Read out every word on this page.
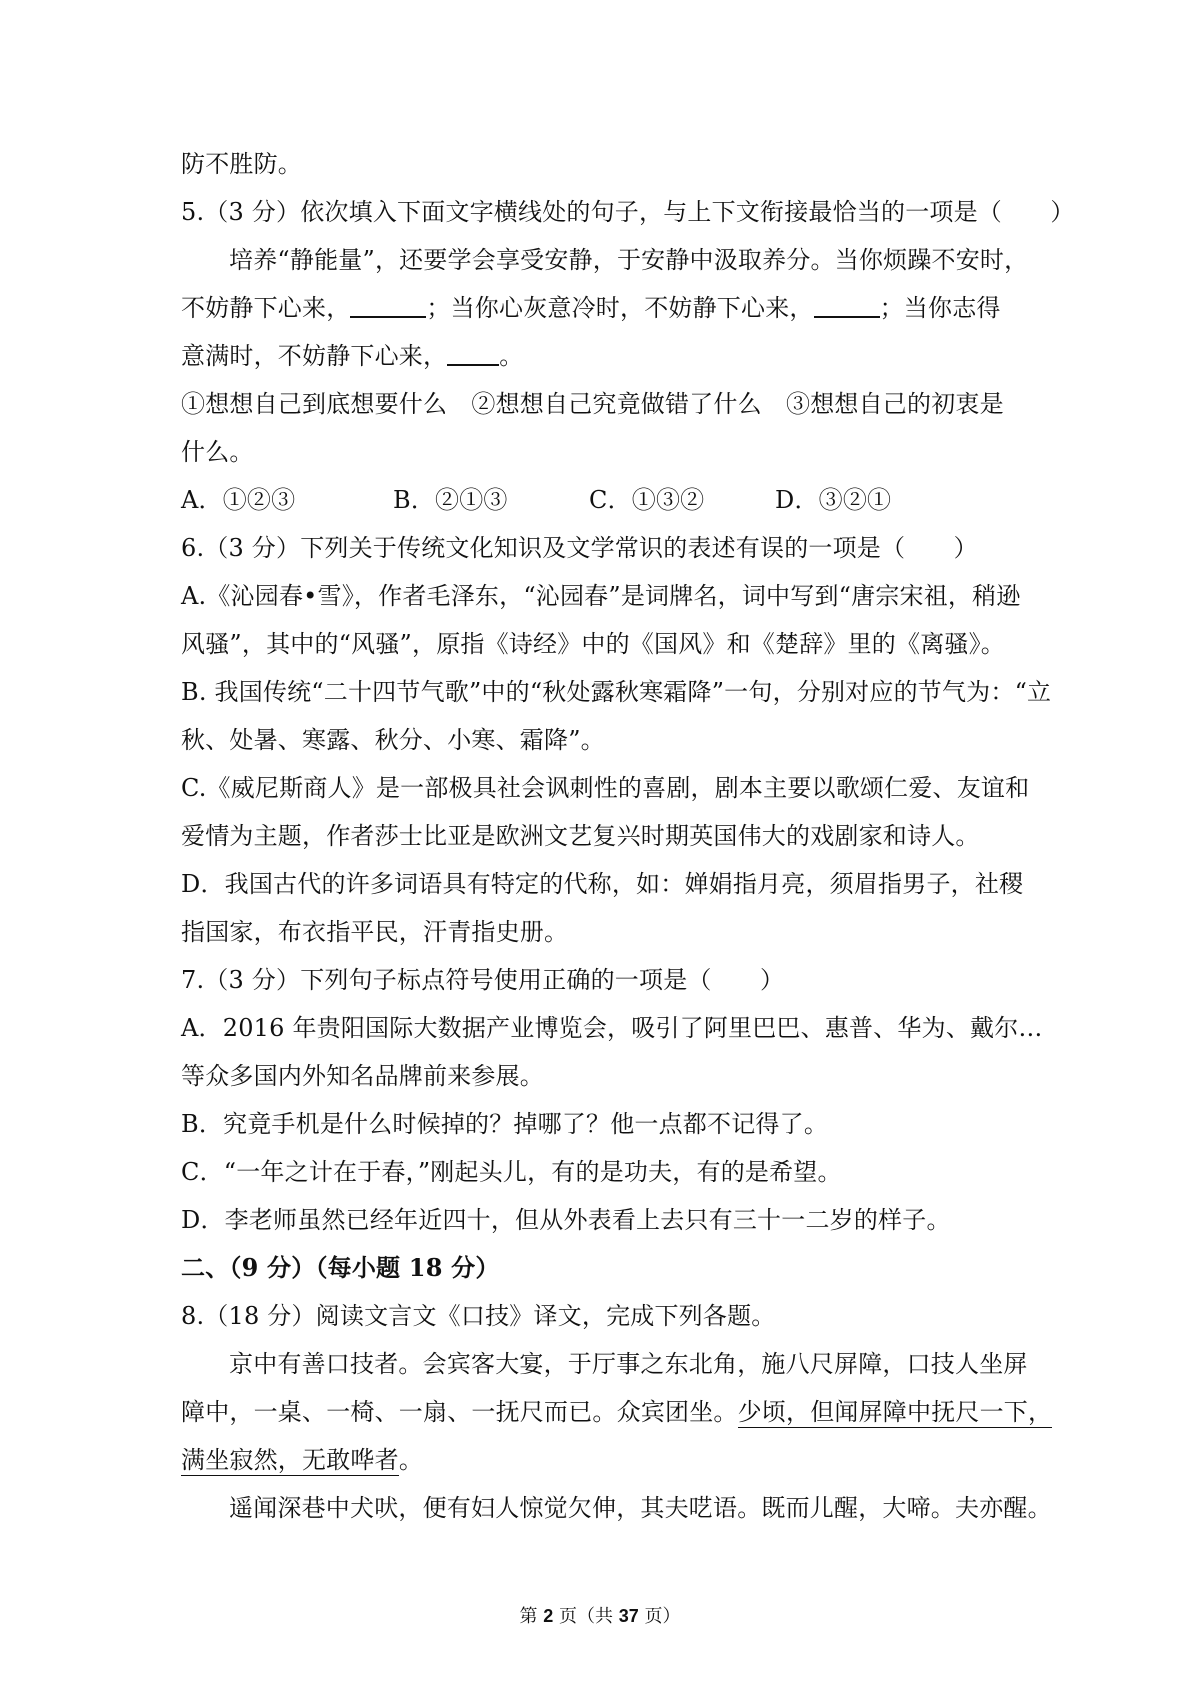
防不胜防。
5.（3 分）依次填入下面文字横线处的句子，与上下文衔接最恰当的一项是（　　）
培养“静能量”，还要学会享受安静，于安静中汲取养分。当你烦躁不安时，
不妨静下心来，	；当你心灰意冷时，不妨静下心来，	；当你志得
意满时，不妨静下心来， 。
①想想自己到底想要什么　②想想自己究竟做错了什么　③想想自己的初衷是
什么。
A．①②③	B．②①③	C．①③②	D．③②①
6.（3 分）下列关于传统文化知识及文学常识的表述有误的一项是（　　）
A.《沁园春•雪》，作者毛泽东，“沁园春”是词牌名，词中写到“唐宗宋祖，稍逊
风骚”，其中的“风骚”，原指《诗经》中的《国风》和《楚辞》里的《离骚》。
B. 我国传统“二十四节气歌”中的“秋处露秋寒霜降”一句，分别对应的节气为：“立
秋、处暑、寒露、秋分、小寒、霜降”。
C.《威尼斯商人》是一部极具社会讽刺性的喜剧，剧本主要以歌颂仁爱、友谊和
爱情为主题，作者莎士比亚是欧洲文艺复兴时期英国伟大的戏剧家和诗人。
D．我国古代的许多词语具有特定的代称，如：婵娟指月亮，须眉指男子，社稷
指国家，布衣指平民，汗青指史册。
7.（3 分）下列句子标点符号使用正确的一项是（　　）
A．2016 年贵阳国际大数据产业博览会，吸引了阿里巴巴、惠普、华为、戴尔…
等众多国内外知名品牌前来参展。
B．究竟手机是什么时候掉的？掉哪了？他一点都不记得了。
C．“一年之计在于春，”刚起头儿，有的是功夫，有的是希望。
D．李老师虽然已经年近四十，但从外表看上去只有三十一二岁的样子。
二、（9 分）（每小题 18 分）
8.（18 分）阅读文言文《口技》译文，完成下列各题。
京中有善口技者。会宾客大宴，于厅事之东北角，施八尺屏障，口技人坐屏
障中，一桌、一椅、一扇、一抚尺而已。众宾团坐。少顷，但闻屏障中抚尺一下，
满坐寂然，无敢哗者。
遥闻深巷中犬吠，便有妇人惊觉欠伸，其夫呓语。既而儿醒，大啼。夫亦醒。
第 2 页（共 37 页）
